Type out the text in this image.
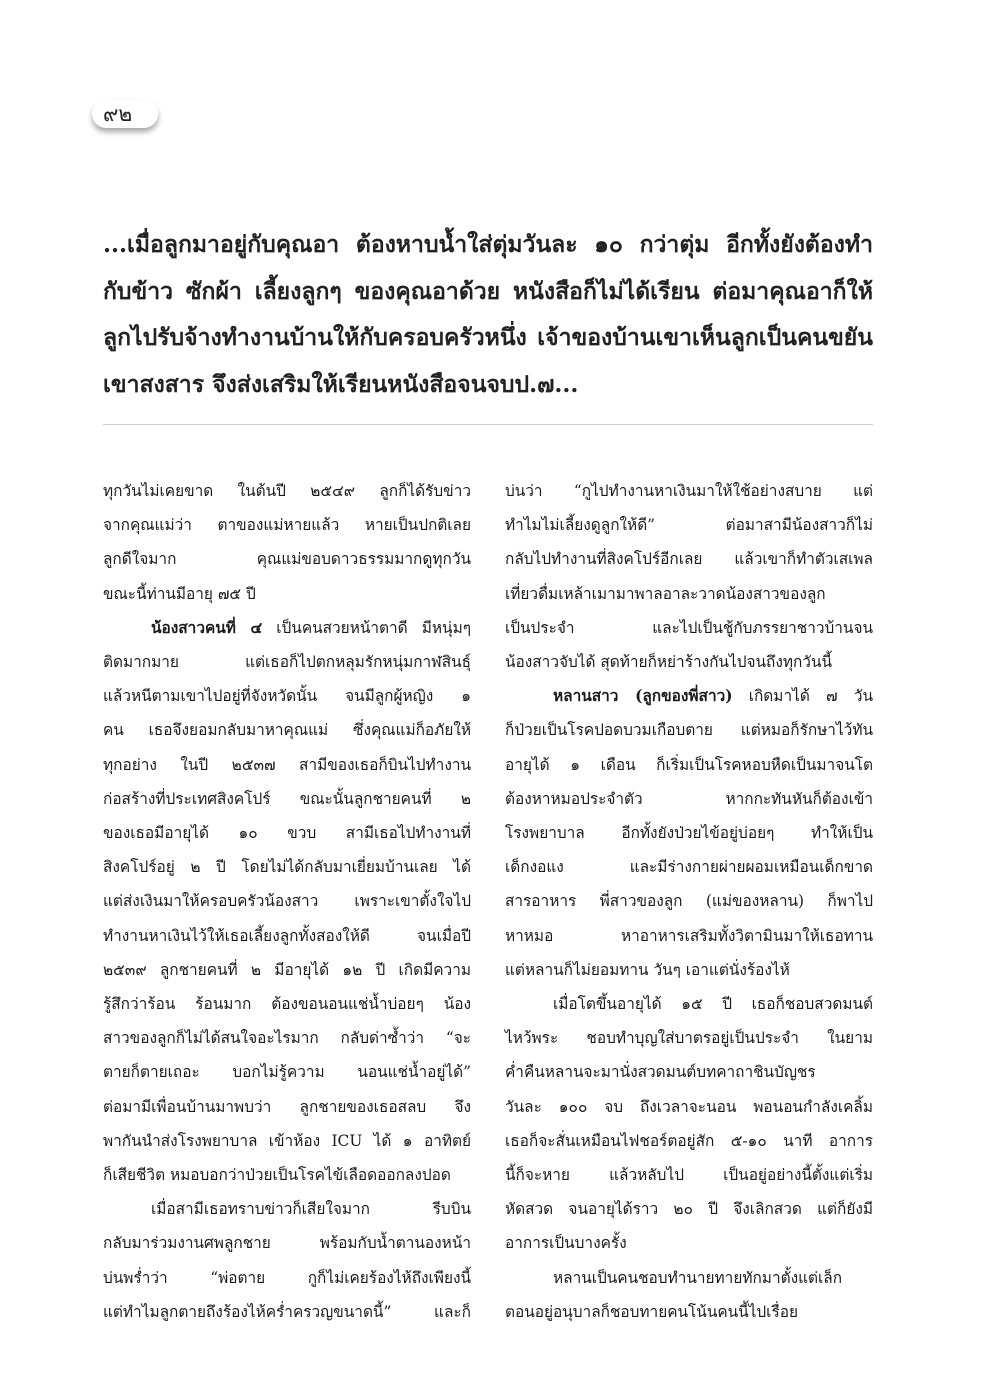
๙๒

...เมื่อลูกมาอยู่กับคุณอา ต้องหาบน้ำใส่ตุ่มวันละ ๑๐ กว่าตุ่ม อีกทั้งยังต้องทำ

กับข้าว ซักผ้า เลี้ยงลูกๆ ของคุณอาด้วย หนังสือก็ไม่ได้เรียน ต่อมาคุณอาก็ให้

ลูกไปรับจ้างทำงานบ้านให้กับครอบครัวหนึ่ง เจ้าของบ้านเขาเห็นลูกเป็นคนขยัน

เขาสงสาร จึงส่งเสริมให้เรียนหนังสือจนจบป.๗...

ทุกวันไม่เคยขาด ในต้นปี ๒๕๔๙ ลูกก็ได้รับข่าว

จากคุณแม่ว่า ตาของแม่หายแล้ว หายเป็นปกติเลย

ลูกดีใจมาก คุณแม่ขอบดาวธรรมมากดูทุกวัน

ขณะนี้ท่านมีอายุ ๗๕ ปี

น้องสาวคนที่ ๔ เป็นคนสวยหน้าตาดี มีหนุ่มๆ

ติดมากมาย แต่เธอก็ไปตกหลุมรักหนุ่มกาฬสินธุ์

แล้วหนีตามเขาไปอยู่ที่จังหวัดนั้น จนมีลูกผู้หญิง ๑

คน เธอจึงยอมกลับมาหาคุณแม่ ซึ่งคุณแม่ก็อภัยให้

ทุกอย่าง ในปี ๒๕๓๗ สามีของเธอก็บินไปทำงาน

ก่อสร้างที่ประเทศสิงคโปร์ ขณะนั้นลูกชายคนที่ ๒

ของเธอมีอายุได้ ๑๐ ขวบ สามีเธอไปทำงานที่

สิงคโปร์อยู่ ๒ ปี โดยไม่ได้กลับมาเยี่ยมบ้านเลย ได้

แต่ส่งเงินมาให้ครอบครัวน้องสาว เพราะเขาตั้งใจไป

ทำงานหาเงินไว้ให้เธอเลี้ยงลูกทั้งสองให้ดี จนเมื่อปี

๒๕๓๙ ลูกชายคนที่ ๒ มีอายุได้ ๑๒ ปี เกิดมีความ

รู้สึกว่าร้อน ร้อนมาก ต้องขอนอนแช่น้ำบ่อยๆ น้อง

สาวของลูกก็ไม่ได้สนใจอะไรมาก กลับด่าซ้ำว่า “จะ

ตายก็ตายเถอะ บอกไม่รู้ความ นอนแช่น้ำอยู่ได้”

ต่อมามีเพื่อนบ้านมาพบว่า ลูกชายของเธอสลบ จึง

พากันนำส่งโรงพยาบาล เข้าห้อง ICU ได้ ๑ อาทิตย์

ก็เสียชีวิต หมอบอกว่าป่วยเป็นโรคไข้เลือดออกลงปอด

เมื่อสามีเธอทราบข่าวก็เสียใจมาก รีบบิน

กลับมาร่วมงานศพลูกชาย พร้อมกับน้ำตานองหน้า

บ่นพร่ำว่า “พ่อตาย กูก็ไม่เคยร้องไห้ถึงเพียงนี้

แต่ทำไมลูกตายถึงร้องไห้คร่ำครวญขนาดนี้” และก็

บ่นว่า “กูไปทำงานหาเงินมาให้ใช้อย่างสบาย แต่

ทำไมไม่เลี้ยงดูลูกให้ดี” ต่อมาสามีน้องสาวก็ไม่

กลับไปทำงานที่สิงคโปร์อีกเลย แล้วเขาก็ทำตัวเสเพล

เที่ยวดื่มเหล้าเมามาพาลอาละวาดน้องสาวของลูก

เป็นประจำ และไปเป็นชู้กับภรรยาชาวบ้านจน

น้องสาวจับได้ สุดท้ายก็หย่าร้างกันไปจนถึงทุกวันนี้

หลานสาว (ลูกของพี่สาว) เกิดมาได้ ๗ วัน

ก็ป่วยเป็นโรคปอดบวมเกือบตาย แต่หมอก็รักษาไว้ทัน

อายุได้ ๑ เดือน ก็เริ่มเป็นโรคหอบหืดเป็นมาจนโต

ต้องหาหมอประจำตัว หากกะทันหันก็ต้องเข้า

โรงพยาบาล อีกทั้งยังป่วยไข้อยู่บ่อยๆ ทำให้เป็น

เด็กงอแง และมีร่างกายผ่ายผอมเหมือนเด็กขาด

สารอาหาร พี่สาวของลูก (แม่ของหลาน) ก็พาไป

หาหมอ หาอาหารเสริมทั้งวิตามินมาให้เธอทาน

แต่หลานก็ไม่ยอมทาน วันๆ เอาแต่นั่งร้องไห้

เมื่อโตขึ้นอายุได้ ๑๕ ปี เธอก็ชอบสวดมนต์

ไหว้พระ ชอบทำบุญใส่บาตรอยู่เป็นประจำ ในยาม

ค่ำคืนหลานจะมานั่งสวดมนต์บทคาถาชินบัญชร

วันละ ๑๐๐ จบ ถึงเวลาจะนอน พอนอนกำลังเคลิ้ม

เธอก็จะสั่นเหมือนไฟชอร์ตอยู่สัก ๕-๑๐ นาที อาการ

นี้ก็จะหาย แล้วหลับไป เป็นอยู่อย่างนี้ตั้งแต่เริ่ม

หัดสวด จนอายุได้ราว ๒๐ ปี จึงเลิกสวด แต่ก็ยังมี

อาการเป็นบางครั้ง

หลานเป็นคนชอบทำนายทายทักมาตั้งแต่เล็ก

ตอนอยู่อนุบาลก็ชอบทายคนโน้นคนนี้ไปเรื่อย
